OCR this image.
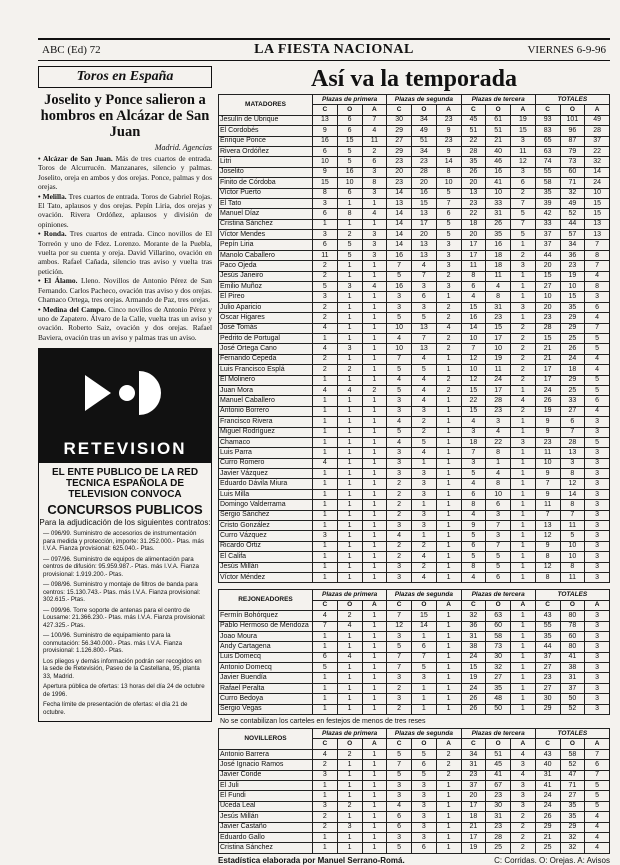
ABC (Ed) 72	LA FIESTA NACIONAL	VIERNES 6-9-96
Toros en España
Joselito y Ponce salieron a hombros en Alcázar de San Juan
Madrid. Agencias

• Alcázar de San Juan. Más de tres cuartos de entrada. Toros de Alcurrucén. Manzanares, silencio y palmas. Joselito, oreja en ambos y dos orejas. Ponce, palmas y dos orejas.

• Melilla. Tres cuartos de entrada. Toros de Gabriel Rojas. El Tato, aplausos y dos orejas. Pepín Liria, dos orejas y ovación. Rivera Ordóñez, aplausos y división de opiniones.

• Ronda. Tres cuartos de entrada. Cinco novillos de El Torreón y uno de Fdez. Lorenzo. Morante de la Puebla, vuelta por su cuenta y oreja. David Villarino, ovación en ambos. Rafael Cañada, silencio tras aviso y vuelta tras petición.

• El Álamo. Lleno. Novillos de Antonio Pérez de San Fernando. Carlos Pacheco, ovación tras aviso y dos orejas. Chamaco Ortega, tres orejas. Armando de Paz, tres orejas.

• Medina del Campo. Cinco novillos de Antonio Pérez y uno de Zapatero. Álvaro de la Calle, vuelta tras un aviso y ovación. Roberto Saiz, ovación y dos orejas. Rafael Baviera, ovación tras un aviso y palmas tras un aviso.

RETEVISION
EL ENTE PUBLICO DE LA RED TECNICA ESPAÑOLA DE TELEVISION CONVOCA
CONCURSOS PUBLICOS
Para la adjudicación de los siguientes contratos:

— 096/99. Suministro de accesorios de instrumentación para medida y protección, importe: 31.252.000.- Ptas. más I.V.A. Fianza provisional: 625.040.- Ptas.

— 097/96. Suministro de equipos de alimentación para centros de difusión: 95.959.987.- Ptas. más I.V.A. Fianza provisional: 1.919.200.- Ptas.

— 098/96. Suministro y montaje de filtros de banda para centros: 15.130.743.- Ptas. más I.V.A. Fianza provisional: 302.615.- Ptas.

— 099/96. Torre soporte de antenas para el centro de Lousame: 21.366.230.- Ptas. más I.V.A. Fianza provisional: 427.325.- Ptas.

— 100/96. Suministro de equipamiento para la conmutación: 56.340.000.- Ptas. más I.V.A. Fianza provisional: 1.126.800.- Ptas.

Los pliegos y demás información podrán ser recogidos en la sede de Retevisión, Paseo de la Castellana, 95, planta 33, Madrid.

Apertura pública de ofertas: 13 horas del día 24 de octubre de 1996.

Fecha límite de presentación de ofertas: el día 21 de octubre.

Así va la temporada
MATADORES	Plazas de primera			Plazas de segunda			Plazas de tercera			TOTALES		
	C	O	A	C	O	A	C	O	A	C	O	A
Jesulín de Ubrique	13	6	7	30	34	23	45	61	19	93	101	49
El Cordobés	9	6	4	29	49	9	51	51	15	83	96	28
Enrique Ponce	16	15	11	27	51	23	22	21	3	65	87	37
Rivera Ordóñez	6	5	2	29	34	9	28	40	11	63	79	22
Litri	10	5	6	23	23	14	35	46	12	74	73	32
Joselito	9	16	3	20	28	8	26	16	3	55	60	14
Finito de Córdoba	15	10	8	23	20	10	20	41	6	58	71	24
Víctor Puerto	8	6	3	14	16	5	13	10	2	35	32	10
El Tato	3	1	1	13	15	7	23	33	7	39	49	15
Manuel Díaz	6	8	4	14	13	6	22	31	5	42	52	15
Cristina Sánchez	1	1	1	14	17	5	18	26	7	33	44	13
Víctor Mendes	3	2	3	14	20	5	20	35	5	37	57	13
Pepín Liria	6	5	3	14	13	3	17	16	1	37	34	7
Manolo Caballero	11	5	3	16	13	3	17	18	2	44	36	8
Paco Ojeda	2	1	1	7	4	3	11	18	3	20	23	7
Jesús Janeiro	2	1	1	5	7	2	8	11	1	15	19	4
Emilio Muñoz	5	3	4	16	3	3	6	4	1	27	10	8
El Pireo	3	1	1	3	6	1	4	8	1	10	15	3
Julio Aparicio	2	1	1	3	3	2	15	31	3	20	35	6
Óscar Higares	2	1	1	5	5	2	16	23	1	23	29	4
José Tomás	4	1	1	10	13	4	14	15	2	28	29	7
Pedrito de Portugal	1	1	1	4	7	2	10	17	2	15	25	5
José Ortega Cano	4	3	1	10	13	2	7	10	2	21	26	5
Fernando Cepeda	2	1	1	7	4	1	12	19	2	21	24	4
Luis Francisco Esplá	2	2	1	5	5	1	10	11	2	17	18	4
El Molinero	1	1	1	4	4	2	12	24	2	17	29	5
Juan Mora	4	4	2	5	4	2	15	17	1	24	25	5
Manuel Caballero	1	1	1	3	4	1	22	28	4	26	33	6
Antonio Borrero	1	1	1	3	3	1	15	23	2	19	27	4
Francisco Rivera	1	1	1	4	2	1	4	3	1	9	6	3
Miguel Rodríguez	1	1	1	5	2	1	3	4	1	9	7	3
Chamaco	1	1	1	4	5	1	18	22	3	23	28	5
Luis Parra	1	1	1	3	4	1	7	8	1	11	13	3
Curro Romero	4	1	1	3	1	1	3	1	1	10	3	3
Javier Vázquez	1	1	1	3	3	1	5	4	1	9	8	3
Eduardo Dávila Miura	1	1	1	2	3	1	4	8	1	7	12	3
Luis Milla	1	1	1	2	3	1	6	10	1	9	14	3
Domingo Valderrama	1	1	1	2	1	1	8	6	1	11	8	3
Sergio Sánchez	1	1	1	2	3	1	4	3	1	7	7	3
Cristo González	1	1	1	3	3	1	9	7	1	13	11	3
Curro Vázquez	3	1	1	4	1	1	5	3	1	12	5	3
Ricardo Ortiz	1	1	1	2	2	1	6	7	1	9	10	3
El Califa	1	1	1	2	4	1	5	5	1	8	10	3
Jesús Millán	1	1	1	3	2	1	8	5	1	12	8	3
Víctor Méndez	1	1	1	3	4	1	4	6	1	8	11	3
REJONEADORES	Plazas de primera			Plazas de segunda			Plazas de tercera			TOTALES		
	C	O	A	C	O	A	C	O	A	C	O	A
Fermín Bohórquez	4	2	1	7	15	1	32	63	1	43	80	3
Pablo Hermoso de Mendoza	7	4	1	12	14	1	36	60	1	55	78	3
Joao Moura	1	1	1	3	1	1	31	58	1	35	60	3
Andy Cartagena	1	1	1	5	6	1	38	73	1	44	80	3
Luis Domecq	6	4	1	7	7	1	24	30	1	37	41	3
Antonio Domecq	5	1	1	7	5	1	15	32	1	27	38	3
Javier Buendía	1	1	1	3	3	1	19	27	1	23	31	3
Rafael Peralta	1	1	1	2	1	1	24	35	1	27	37	3
Curro Bedoya	1	1	1	3	1	1	26	48	1	30	50	3
Sergio Vegas	1	1	1	2	1	1	26	50	1	29	52	3
No se contabilizan los carteles en festejos de menos de tres reses
NOVILLEROS	Plazas de primera			Plazas de segunda			Plazas de tercera			TOTALES		
	C	O	A	C	O	A	C	O	A	C	O	A
Antonio Barrera	4	2	1	5	5	2	34	51	4	43	58	7
José Ignacio Ramos	2	1	1	7	6	2	31	45	3	40	52	6
Javier Conde	3	1	1	5	5	2	23	41	4	31	47	7
El Juli	1	1	1	3	3	1	37	67	3	41	71	5
El Fundi	1	1	1	3	3	1	20	23	3	24	27	5
Uceda Leal	3	2	1	4	3	1	17	30	3	24	35	5
Jesús Millán	2	1	1	6	3	1	18	31	2	26	35	4
Javier Castaño	2	3	1	6	3	1	21	23	2	29	29	4
Eduardo Gallo	1	1	1	3	3	1	17	28	2	21	32	4
Cristina Sánchez	1	1	1	5	6	1	19	25	2	25	32	4
Estadística elaborada por Manuel Serrano-Romá.	C: Corridas. O: Orejas. A: Avisos
